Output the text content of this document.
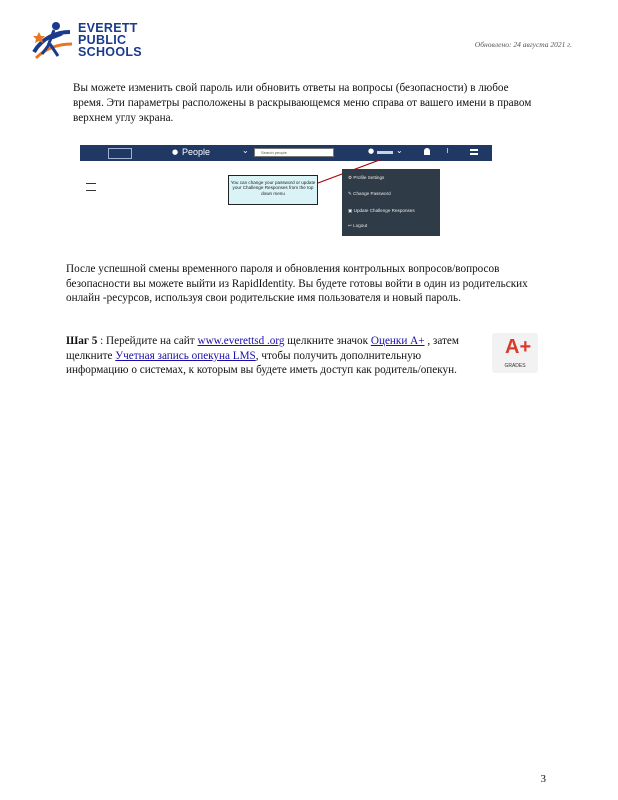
EVERETT
PUBLIC
SCHOOLS
Обновлено: 24 августа 2021 г.
Вы можете изменить свой пароль или обновить ответы на вопросы (безопасности) в любое время. Эти параметры расположены в раскрывающемся меню справа от вашего имени в правом верхнем углу экрана.
● People	⌄	Search people	●	⌄	≀
You can change your password or update your Challenge Responses from the top down menu
⚙ Profile Settings
✎ Change Password
▣ Update Challenge Responses
↩ Logout
После успешной смены временного пароля и обновления контрольных вопросов/вопросов безопасности вы можете выйти из RapidIdentity. Вы будете готовы войти в один из родительских онлайн -ресурсов, используя свои родительские имя пользователя и новый пароль.
Шаг 5 : Перейдите на сайт www.everettsd .org щелкните значок Оценки A+ , затем щелкните Учетная запись опекуна LMS, чтобы получить дополнительную информацию о системах, к которым вы будете иметь доступ как родитель/опекун.
A+
GRADES
3
